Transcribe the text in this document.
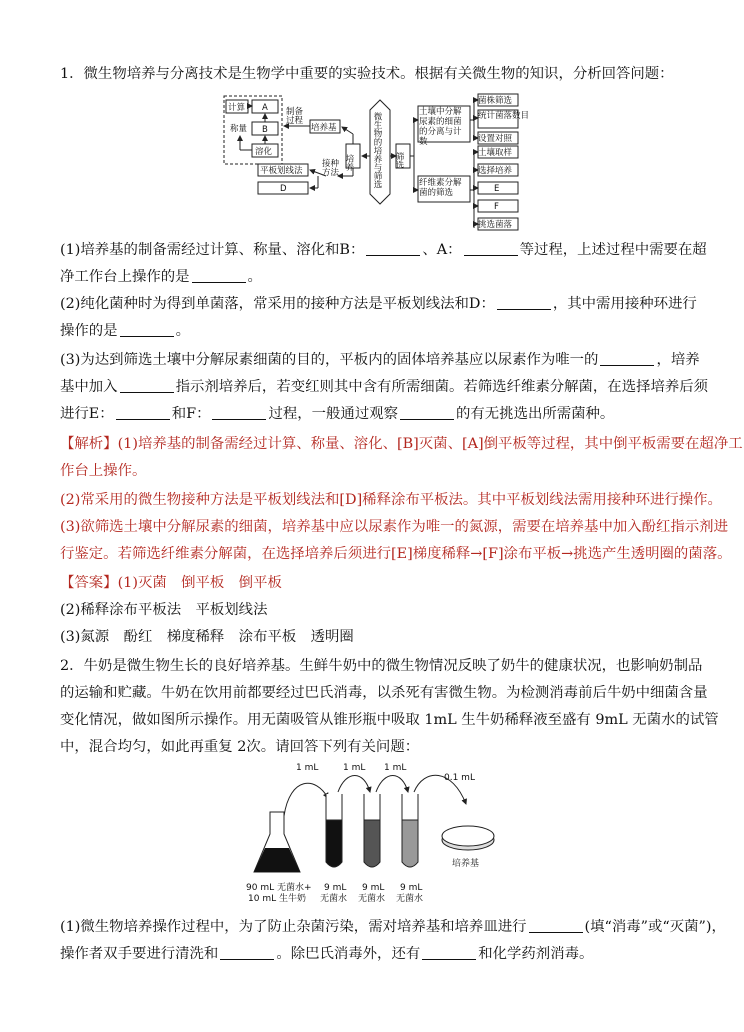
1．微生物培养与分离技术是生物学中重要的实验技术。根据有关微生物的知识，分析回答问题：
计算 A
称量 B
溶化
制备
过程
培养基
培养 微生物的培养与筛选
接种
方法
平板划线法
D
筛选
菌株筛选
统计菌落数目
设置对照
土壤取样
选择培养
E
F
挑选菌落
土壤中分解尿素的细菌的分离与计数
纤维素分解菌的筛选
(1)培养基的制备需经过计算、称量、溶化和B：	、A：	等过程，上述过程中需要在超
净工作台上操作的是	。
(2)纯化菌种时为得到单菌落，常采用的接种方法是平板划线法和D：	，其中需用接种环进行
操作的是	。
(3)为达到筛选土壤中分解尿素细菌的目的，平板内的固体培养基应以尿素作为唯一的	，培养
基中加入	指示剂培养后，若变红则其中含有所需细菌。若筛选纤维素分解菌，在选择培养后须
进行E：	和F：	过程，一般通过观察	的有无挑选出所需菌种。
【解析】(1)培养基的制备需经过计算、称量、溶化、[B]灭菌、[A]倒平板等过程，其中倒平板需要在超净工
作台上操作。
(2)常采用的微生物接种方法是平板划线法和[D]稀释涂布平板法。其中平板划线法需用接种环进行操作。
(3)欲筛选土壤中分解尿素的细菌，培养基中应以尿素作为唯一的氮源，需要在培养基中加入酚红指示剂进
行鉴定。若筛选纤维素分解菌，在选择培养后须进行[E]梯度稀释→[F]涂布平板→挑选产生透明圈的菌落。
【答案】(1)灭菌　倒平板　倒平板
(2)稀释涂布平板法　平板划线法
(3)氮源　酚红　梯度稀释　涂布平板　透明圈
2．牛奶是微生物生长的良好培养基。生鲜牛奶中的微生物情况反映了奶牛的健康状况，也影响奶制品
的运输和贮藏。牛奶在饮用前都要经过巴氏消毒，以杀死有害微生物。为检测消毒前后牛奶中细菌含量
变化情况，做如图所示操作。用无菌吸管从锥形瓶中吸取 1mL 生牛奶稀释液至盛有 9mL 无菌水的试管
中，混合均匀，如此再重复 2次。请回答下列有关问题：
1 mL	1 mL 1 mL
0.1 mL
90 mL 无菌水+
10 mL 生牛奶
9 mL
无菌水
9 mL
无菌水
9 mL
无菌水
培养基
(1)微生物培养操作过程中，为了防止杂菌污染，需对培养基和培养皿进行	(填“消毒”或“灭菌”)，
操作者双手要进行清洗和	。除巴氏消毒外，还有	和化学药剂消毒。
